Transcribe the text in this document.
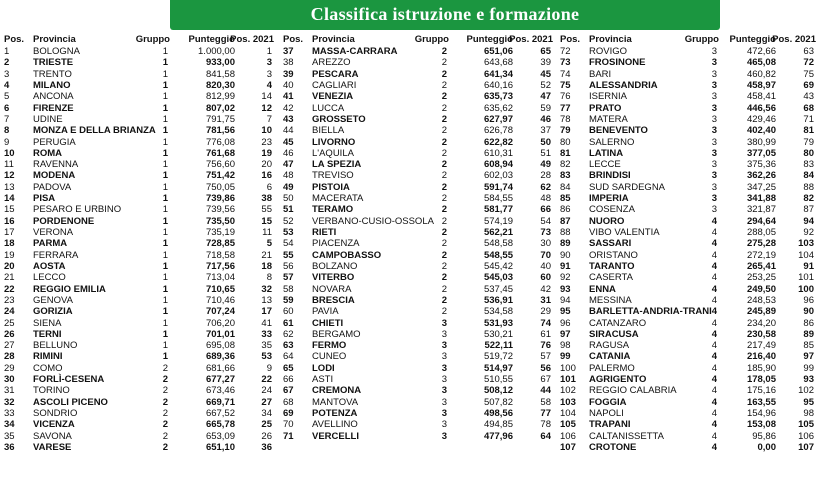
Classifica istruzione e formazione
Pos. Provincia	Gruppo Punteggio
Pos. 2021
1 BOLOGNA	1	1.000,00	1
2 TRIESTE	1	933,00	3
3 TRENTO	1	841,58	3
4 MILANO	1	820,30	4
5 ANCONA	1	812,99	14
6 FIRENZE	1	807,02	12
7 UDINE	1	791,75	7
8 MONZA E DELLA BRIANZA 1	781,56	10
9 PERUGIA	1	776,08	23
10 ROMA	1	761,68	19
11 RAVENNA	1	756,60	20
12 MODENA	1	751,42	16
13 PADOVA	1	750,05	6
14 PISA	1	739,86	38
15 PESARO E URBINO	1	739,56	55
16 PORDENONE	1	735,50	15
17 VERONA	1	735,19	11
18 PARMA	1	728,85	5
19 FERRARA	1	718,58	21
20 AOSTA	1	717,56	18
21 LECCO	1	713,04	8
22 REGGIO EMILIA	1	710,65	32
23 GENOVA	1	710,46	13
24 GORIZIA	1	707,24	17
25 SIENA	1	706,20	41
26 TERNI	1	701,01	33
27 BELLUNO	1	695,08	35
28 RIMINI	1	689,36	53
29 COMO	2	681,66	9
30 FORLÌ-CESENA	2	677,27	22
31 TORINO	2	673,46	24
32 ASCOLI PICENO	2	669,71	27
33 SONDRIO	2	667,52	34
34 VICENZA	2	665,78	25
35 SAVONA	2	653,09	26
36 VARESE	2	651,10	36
Pos. Provincia	Gruppo Punteggio
Pos. 2021
37 MASSA-CARRARA	2	651,06	65
38 AREZZO	2	643,68	39
39 PESCARA	2	641,34	45
40 CAGLIARI	2	640,16	52
41 VENEZIA	2	635,73	47
42 LUCCA	2	635,62	59
43 GROSSETO	2	627,97	46
44 BIELLA	2	626,78	37
45 LIVORNO	2	622,82	50
46 L'AQUILA	2	610,31	51
47 LA SPEZIA	2	608,94	49
48 TREVISO	2	602,03	28
49 PISTOIA	2	591,74	62
50 MACERATA	2	584,55	48
51 TERAMO	2	581,77	66
52 VERBANO-CUSIO-OSSOLA 2	574,19	54
53 RIETI	2	562,21	73
54 PIACENZA	2	548,58	30
55 CAMPOBASSO	2	548,55	70
56 BOLZANO	2	545,42	40
57 VITERBO	2	545,03	60
58 NOVARA	2	537,45	42
59 BRESCIA	2	536,91	31
60 PAVIA	2	534,58	29
61 CHIETI	3	531,93	74
62 BERGAMO	3	530,21	61
63 FERMO	3	522,11	76
64 CUNEO	3	519,72	57
65 LODI	3	514,97	56
66 ASTI	3	510,55	67
67 CREMONA	3	508,12	44
68 MANTOVA	3	507,82	58
69 POTENZA	3	498,56	77
70 AVELLINO	3	494,85	78
71 VERCELLI	3	477,96	64
Pos. Provincia	Gruppo Punteggio
Pos. 2021
72 ROVIGO	3	472,66	63
73 FROSINONE	3	465,08	72
74 BARI	3	460,82	75
75 ALESSANDRIA	3	458,97	69
76 ISERNIA	3	458,41	43
77 PRATO	3	446,56	68
78 MATERA	3	429,46	71
79 BENEVENTO	3	402,40	81
80 SALERNO	3	380,99	79
81 LATINA	3	377,05	80
82 LECCE	3	375,36	83
83 BRINDISI	3	362,26	84
84 SUD SARDEGNA	3	347,25	88
85 IMPERIA	3	341,88	82
86 COSENZA	3	321,87	87
87 NUORO	4	294,64	94
88 VIBO VALENTIA	4	288,05	92
89 SASSARI	4	275,28 103
90 ORISTANO	4	272,19 104
91 TARANTO	4	265,41	91
92 CASERTA	4	253,25 101
93 ENNA	4	249,50 100
94 MESSINA	4	248,53	96
95 BARLETTA-ANDRIA-TRANI 4	245,89	90
96 CATANZARO	4	234,20	86
97 SIRACUSA	4	230,58	89
98 RAGUSA	4	217,49	85
99 CATANIA	4	216,40	97
100 PALERMO	4	185,90	99
101 AGRIGENTO	4	178,05	93
102 REGGIO CALABRIA	4	175,16 102
103 FOGGIA	4	163,55	95
104 NAPOLI	4	154,96	98
105 TRAPANI	4	153,08 105
106 CALTANISSETTA	4	95,86 106
107 CROTONE	4	0,00 107
